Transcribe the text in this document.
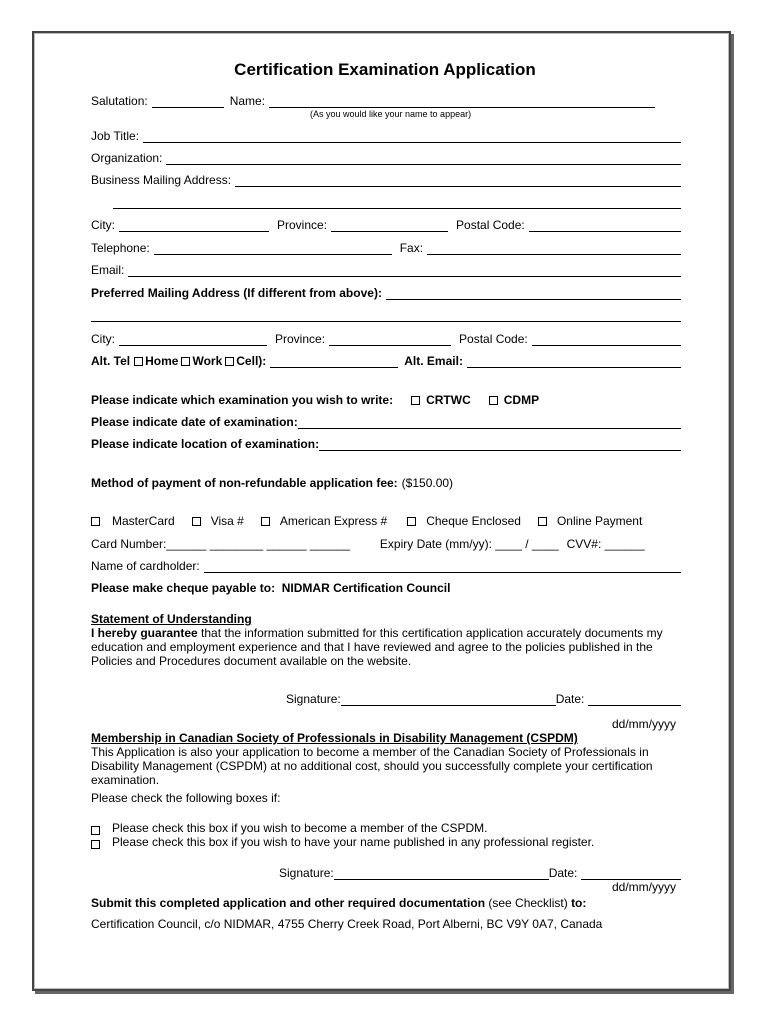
Certification Examination Application
Salutation:	Name:
(As you would like your name to appear)
Job Title:
Organization:
Business Mailing Address:
City:	Province:	Postal Code:
Telephone:	Fax:
Email:
Preferred Mailing Address (If different from above):
City:	Province:	Postal Code:
Alt. Tel	Home Work Cell):	Alt. Email:
Please indicate which examination you wish to write:	CRTWC	CDMP
Please indicate date of examination:
Please indicate location of examination:
Method of payment of non-refundable application fee: ($150.00)
MasterCard	Visa #	American Express #	Cheque Enclosed	Online Payment
Card Number: ______ ________ ______ ______	Expiry Date (mm/yy): ____ / ____ CVV#: ______
Name of cardholder:
Please make cheque payable to:  NIDMAR Certification Council
Statement of Understanding
I hereby guarantee that the information submitted for this certification application accurately documents my education and employment experience and that I have reviewed and agree to the policies published in the Policies and Procedures document available on the website.
Signature:	Date:
dd/mm/yyyy
Membership in Canadian Society of Professionals in Disability Management (CSPDM)
This Application is also your application to become a member of the Canadian Society of Professionals in Disability Management (CSPDM) at no additional cost, should you successfully complete your certification examination.
Please check the following boxes if:
Please check this box if you wish to become a member of the CSPDM.
Please check this box if you wish to have your name published in any professional register.
Signature:	Date:
dd/mm/yyyy
Submit this completed application and other required documentation (see Checklist) to:
Certification Council, c/o NIDMAR, 4755 Cherry Creek Road, Port Alberni, BC V9Y 0A7, Canada
